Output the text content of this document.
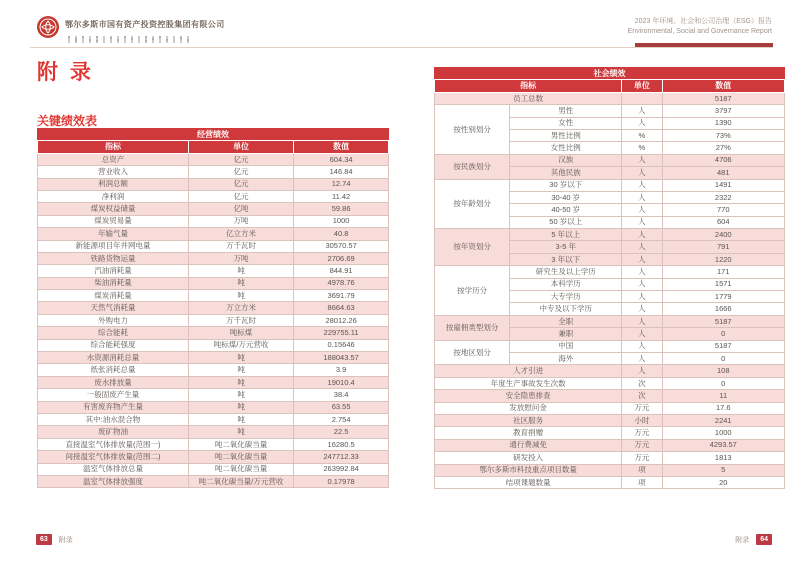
鄂尔多斯市国有资产投资控股集团有限公司	2023 年环境、社会和公司治理（ESG）报告
Environmental, Social and Governance Report
附 录
关键绩效表
经营绩效		
指标	单位	数值
总资产	亿元	604.34
营业收入	亿元	146.84
利润总额	亿元	12.74
净利润	亿元	11.42
煤炭权益储量	亿吨	59.86
煤炭贸易量	万吨	1000
年输气量	亿立方米	40.8
新能源项目年并网电量	万千瓦时	30570.57
铁路货物运量	万吨	2706.69
汽油消耗量	吨	844.91
柴油消耗量	吨	4978.76
煤炭消耗量	吨	3691.79
天然气消耗量	万立方米	8664.63
外购电力	万千瓦时	28012.26
综合能耗	吨标煤	229755.11
综合能耗强度	吨标煤/万元营收	0.15646
水资源消耗总量	吨	188043.57
纸张消耗总量	吨	3.9
废水排放量	吨	19010.4
一般固废产生量	吨	38.4
有害废弃物产生量	吨	63.55
其中:油水混合物	吨	2.754
废矿物油	吨	22.5
直接温室气体排放量(范围一)	吨二氧化碳当量	16280.5
间接温室气体排放量(范围二)	吨二氧化碳当量	247712.33
温室气体排放总量	吨二氧化碳当量	263992.84
温室气体排放强度	吨二氧化碳当量/万元营收	0.17978
社会绩效			
指标		单位	数值
员工总数			5187
按性别划分	男性	人	3797
	女性	人	1390
	男性比例	%	73%
	女性比例	%	27%
按民族划分	汉族	人	4706
	其他民族	人	481
按年龄划分	30 岁以下	人	1491
	30-40 岁	人	2322
	40-50 岁	人	770
	50 岁以上	人	604
按年资划分	5 年以上	人	2400
	3-5 年	人	791
	3 年以下	人	1220
按学历分	研究生及以上学历	人	171
	本科学历	人	1571
	大专学历	人	1779
	中专及以下学历	人	1666
按雇佣类型划分	全职	人	5187
	兼职	人	0
按地区划分	中国	人	5187
	海外	人	0
人才引进		人	108
年度生产事故发生次数		次	0
安全隐患排查		次	11
发放慰问金		万元	17.6
社区服务		小时	2241
教育捐赠		万元	1000
通行费减免		万元	4293.57
研发投入		万元	1813
鄂尔多斯市科技重点项目数量		项	5
结项课题数量		项	20
63 附录	附录 64
